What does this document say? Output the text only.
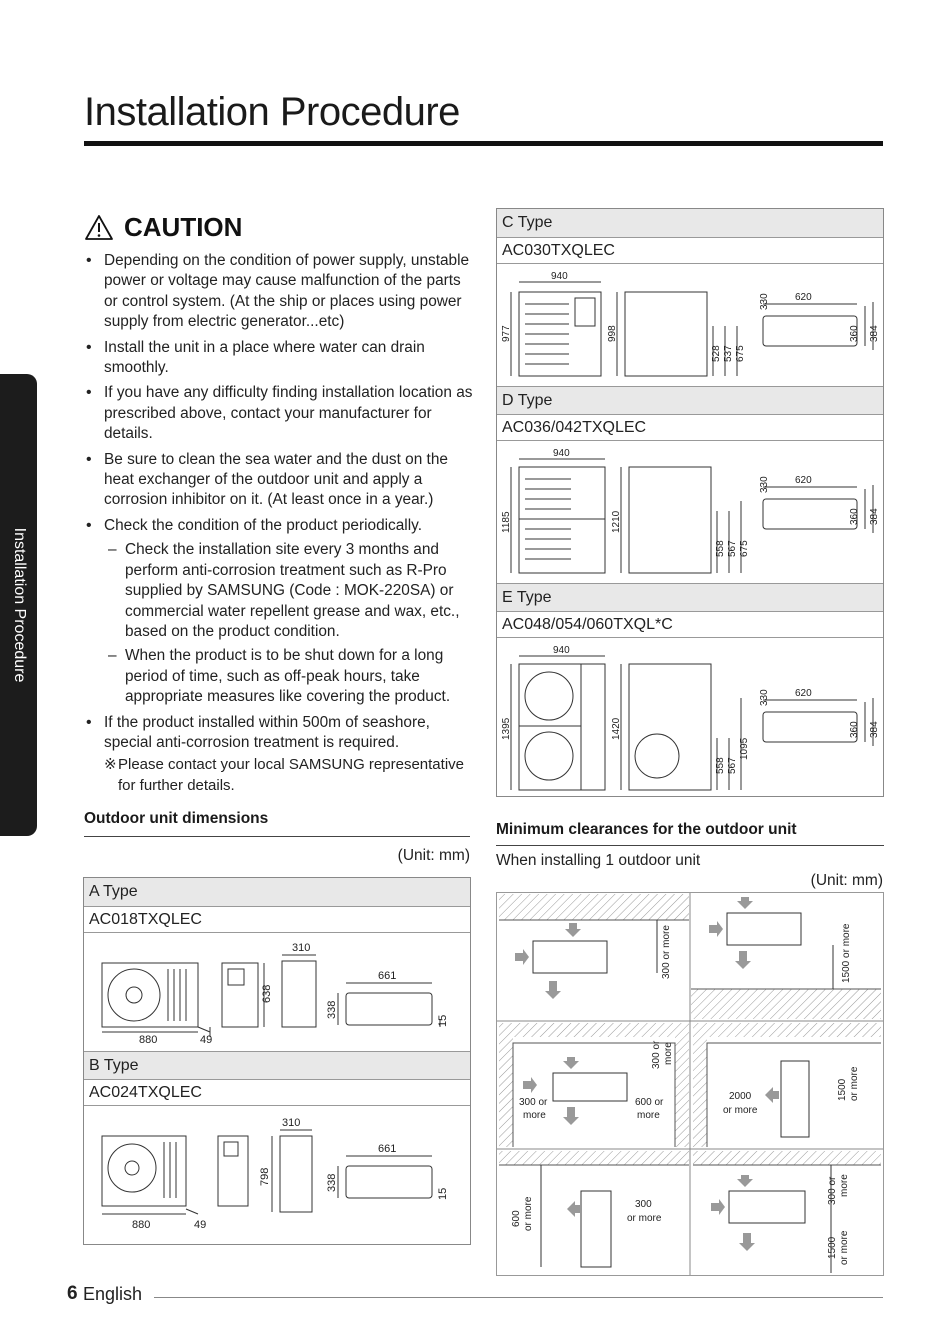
Installation Procedure
Installation Procedure
CAUTION
• Depending on the condition of power supply, unstable power or voltage may cause malfunction of the parts or control system. (At the ship or places using power supply from electric generator...etc)
• Install the unit in a place where water can drain smoothly.
• If you have any difficulty finding installation location as prescribed above, contact your manufacturer for details.
• Be sure to clean the sea water and the dust on the heat exchanger of the outdoor unit and apply a corrosion inhibitor on it. (At least once in a year.)
• Check the condition of the product periodically.
– Check the installation site every 3 months and perform anti-corrosion treatment such as R-Pro supplied by SAMSUNG (Code : MOK-220SA) or commercial water repellent grease and wax, etc., based on the product condition.
– When the product is to be shut down for a long period of time, such as off-peak hours, take appropriate measures like covering the product.
• If the product installed within 500m of seashore, special anti-corrosion treatment is required.
※ Please contact your local SAMSUNG representative for further details.
Outdoor unit dimensions
(Unit: mm)
A Type
AC018TXQLEC
880	49
638
310
338
661
15
B Type
AC024TXQLEC
880	49
798
310
338
661
15
C Type
AC030TXQLEC
940
977	998
528 537 675
330	620
360 384
D Type
AC036/042TXQLEC
940
1185	1210
558 567 675
330	620
360 384
E Type
AC048/054/060TXQL*C
940
1395	1420
558 567
1095
330	620
360 384
Minimum clearances for the outdoor unit
When installing 1 outdoor unit
(Unit: mm)
300 or more	1500 or more
300 or
more
300 or more
600 or
more
2000
or more
1500 or more
600 or more	300
or more
300 or more
1500 or more
6 English
